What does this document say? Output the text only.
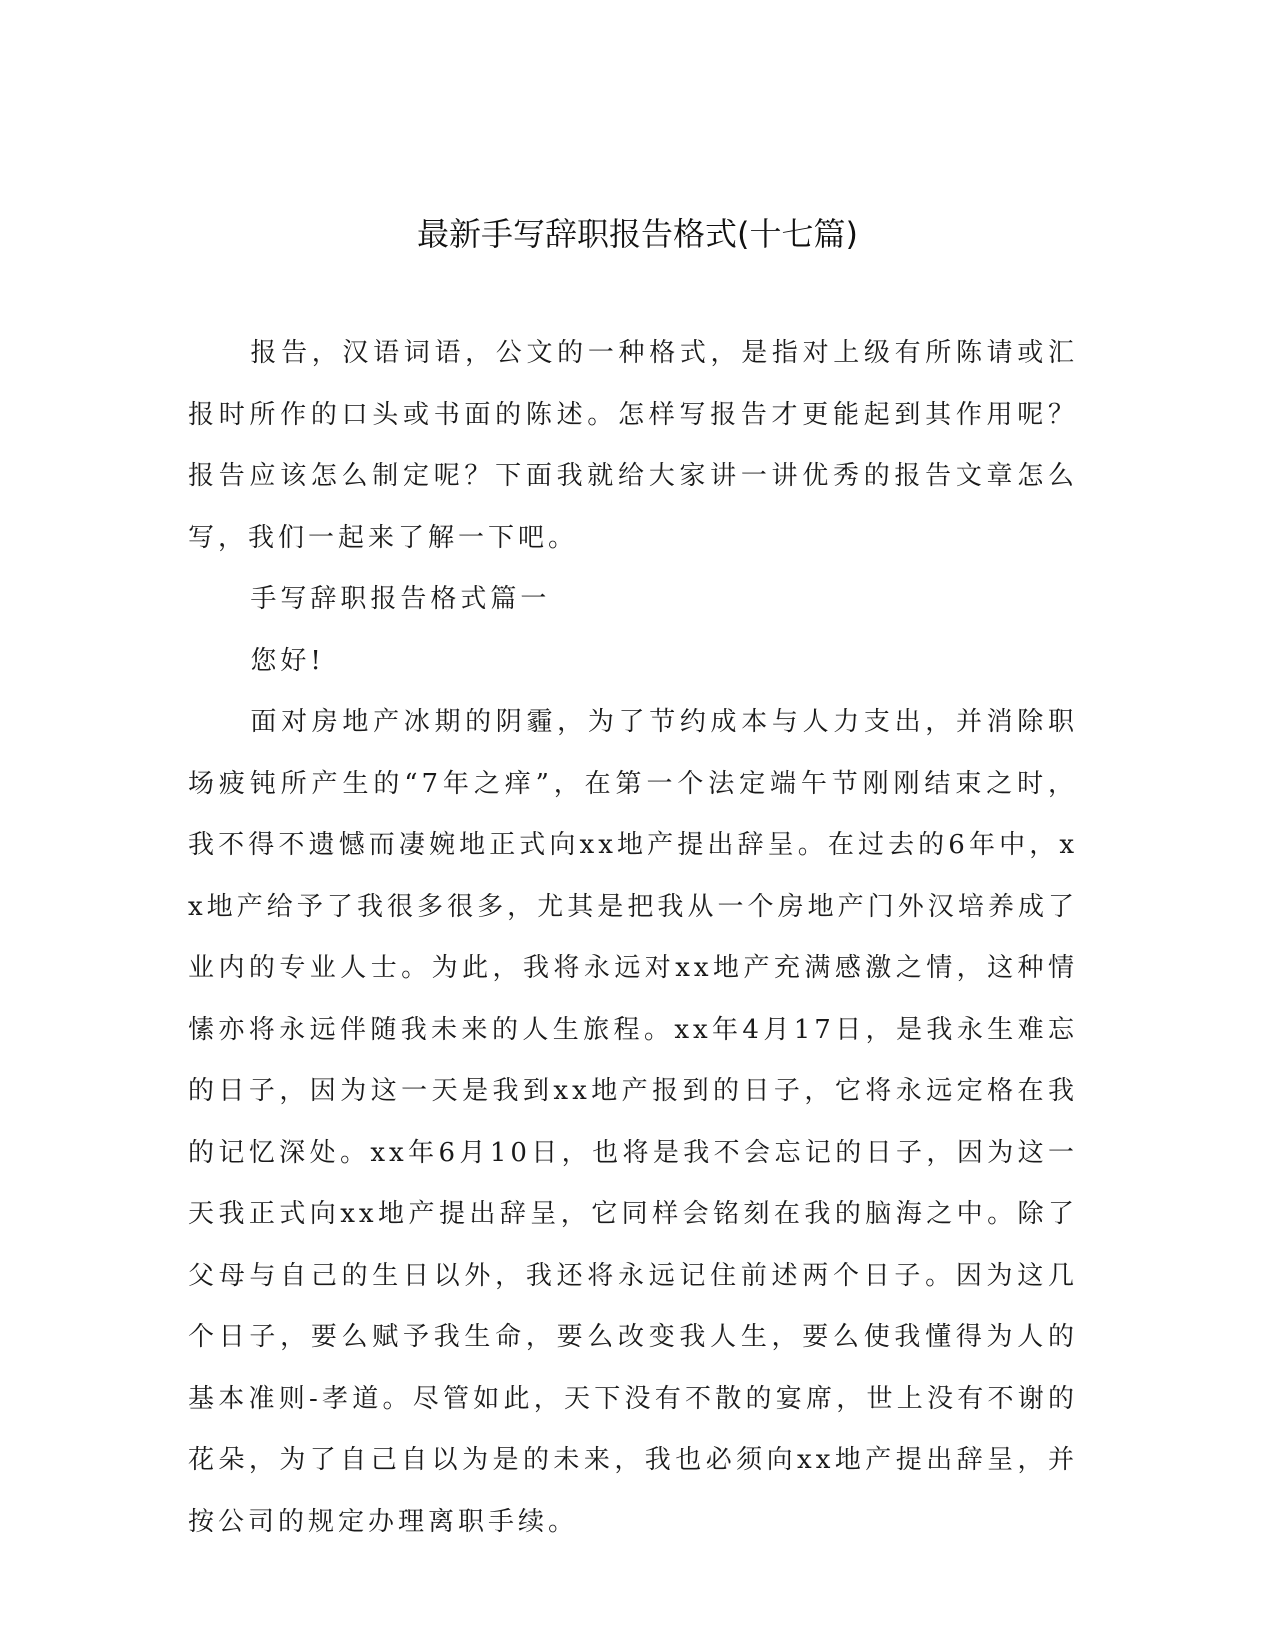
最新手写辞职报告格式(十七篇)

报告，汉语词语，公文的一种格式，是指对上级有所陈请或汇报时所作的口头或书面的陈述。怎样写报告才更能起到其作用呢？报告应该怎么制定呢？下面我就给大家讲一讲优秀的报告文章怎么写，我们一起来了解一下吧。

手写辞职报告格式篇一

您好!

面对房地产冰期的阴霾，为了节约成本与人力支出，并消除职场疲钝所产生的“7年之痒”，在第一个法定端午节刚刚结束之时，我不得不遗憾而凄婉地正式向xx地产提出辞呈。在过去的6年中，xx地产给予了我很多很多，尤其是把我从一个房地产门外汉培养成了业内的专业人士。为此，我将永远对xx地产充满感激之情，这种情愫亦将永远伴随我未来的人生旅程。xx年4月17日，是我永生难忘的日子，因为这一天是我到xx地产报到的日子，它将永远定格在我的记忆深处。xx年6月10日，也将是我不会忘记的日子，因为这一天我正式向xx地产提出辞呈，它同样会铭刻在我的脑海之中。除了父母与自己的生日以外，我还将永远记住前述两个日子。因为这几个日子，要么赋予我生命，要么改变我人生，要么使我懂得为人的基本准则-孝道。尽管如此，天下没有不散的宴席，世上没有不谢的花朵，为了自己自以为是的未来，我也必须向xx地产提出辞呈，并按公司的规定办理离职手续。
